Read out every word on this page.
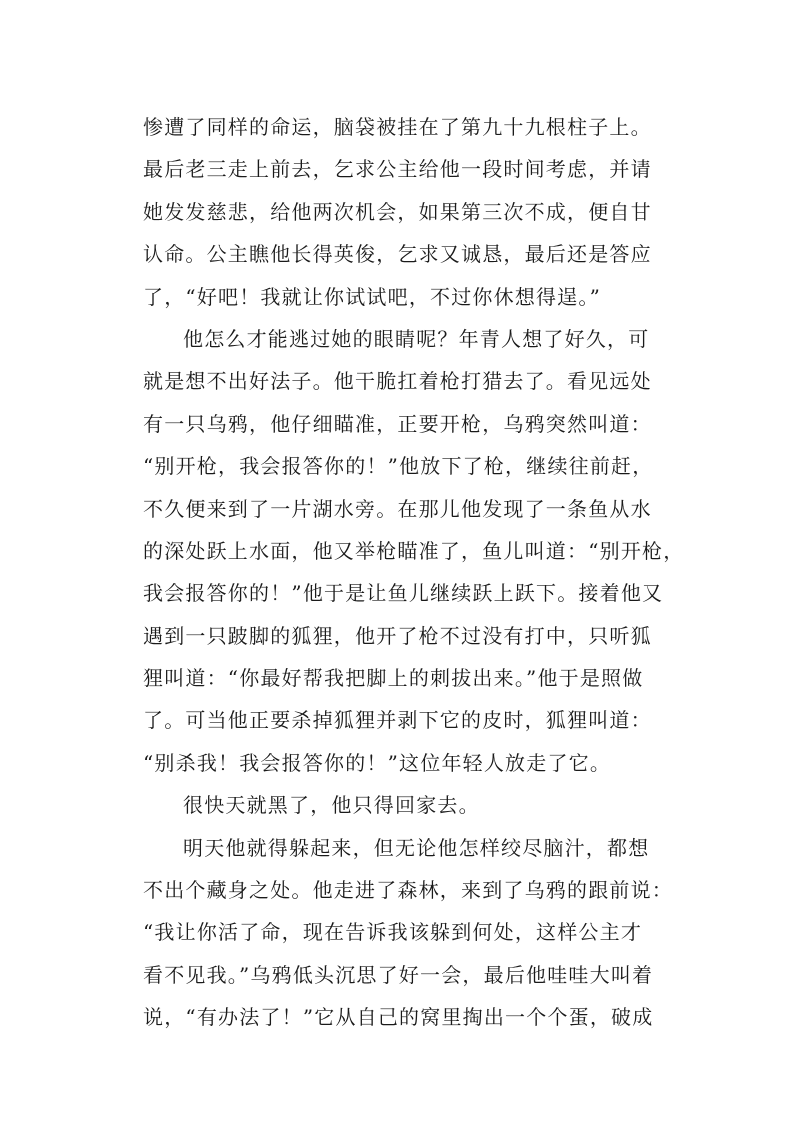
惨遭了同样的命运，脑袋被挂在了第九十九根柱子上。
最后老三走上前去，乞求公主给他一段时间考虑，并请
她发发慈悲，给他两次机会，如果第三次不成，便自甘
认命。公主瞧他长得英俊，乞求又诚恳，最后还是答应
了，“好吧！我就让你试试吧，不过你休想得逞。”
他怎么才能逃过她的眼睛呢？年青人想了好久，可
就是想不出好法子。他干脆扛着枪打猎去了。看见远处
有一只乌鸦，他仔细瞄准，正要开枪，乌鸦突然叫道：
“别开枪，我会报答你的！”他放下了枪，继续往前赶，
不久便来到了一片湖水旁。在那儿他发现了一条鱼从水
的深处跃上水面，他又举枪瞄准了，鱼儿叫道：“别开枪，
我会报答你的！”他于是让鱼儿继续跃上跃下。接着他又
遇到一只跛脚的狐狸，他开了枪不过没有打中，只听狐
狸叫道：“你最好帮我把脚上的刺拔出来。”他于是照做
了。可当他正要杀掉狐狸并剥下它的皮时，狐狸叫道：
“别杀我！我会报答你的！”这位年轻人放走了它。
很快天就黑了，他只得回家去。
明天他就得躲起来，但无论他怎样绞尽脑汁，都想
不出个藏身之处。他走进了森林，来到了乌鸦的跟前说：
“我让你活了命，现在告诉我该躲到何处，这样公主才
看不见我。”乌鸦低头沉思了好一会，最后他哇哇大叫着
说，“有办法了！”它从自己的窝里掏出一个个蛋，破成
